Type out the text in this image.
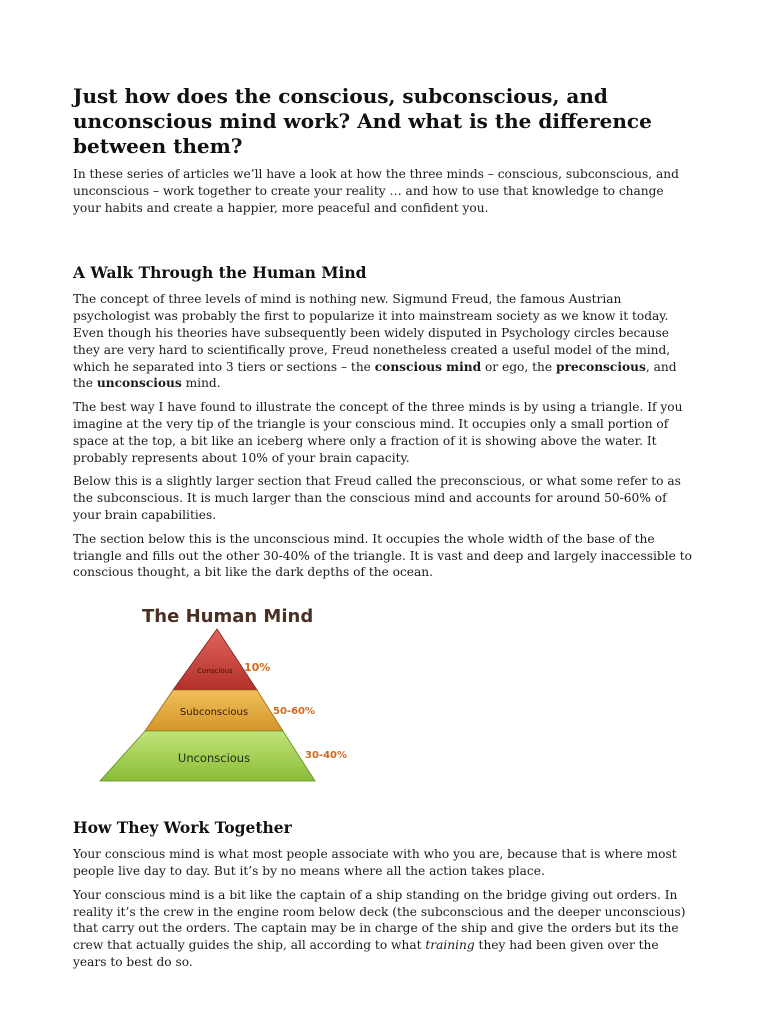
Just how does the conscious, subconscious, and unconscious mind work? And what is the difference between them?

In these series of articles we’ll have a look at how the three minds – conscious, subconscious, and unconscious – work together to create your reality … and how to use that knowledge to change your habits and create a happier, more peaceful and confident you.

A Walk Through the Human Mind

The concept of three levels of mind is nothing new. Sigmund Freud, the famous Austrian psychologist was probably the first to popularize it into mainstream society as we know it today. Even though his theories have subsequently been widely disputed in Psychology circles because they are very hard to scientifically prove, Freud nonetheless created a useful model of the mind, which he separated into 3 tiers or sections – the conscious mind or ego, the preconscious, and the unconscious mind.

The best way I have found to illustrate the concept of the three minds is by using a triangle. If you imagine at the very tip of the triangle is your conscious mind. It occupies only a small portion of space at the top, a bit like an iceberg where only a fraction of it is showing above the water. It probably represents about 10% of your brain capacity.

Below this is a slightly larger section that Freud called the preconscious, or what some refer to as the subconscious. It is much larger than the conscious mind and accounts for around 50-60% of your brain capabilities.

The section below this is the unconscious mind. It occupies the whole width of the base of the triangle and fills out the other 30-40% of the triangle. It is vast and deep and largely inaccessible to conscious thought, a bit like the dark depths of the ocean.

The Human Mind
Conscious
Subconscious
Unconscious
10%
50-60%
30-40%
How They Work Together

Your conscious mind is what most people associate with who you are, because that is where most people live day to day. But it’s by no means where all the action takes place.

Your conscious mind is a bit like the captain of a ship standing on the bridge giving out orders. In reality it’s the crew in the engine room below deck (the subconscious and the deeper unconscious) that carry out the orders. The captain may be in charge of the ship and give the orders but its the crew that actually guides the ship, all according to what training they had been given over the years to best do so.
